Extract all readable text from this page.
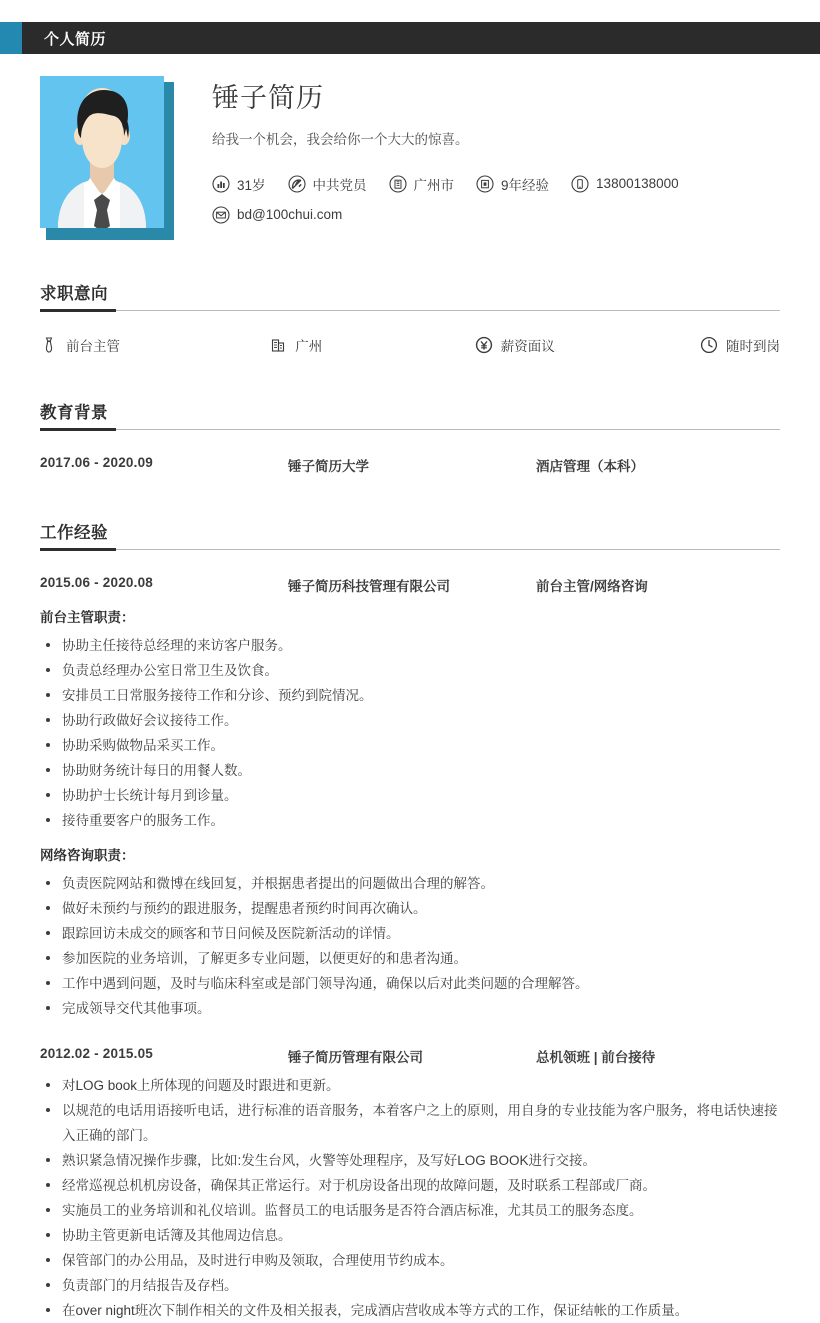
个人简历
锤子简历
给我一个机会，我会给你一个大大的惊喜。
31岁	中共党员	广州市	9年经验	13800138000
bd@100chui.com
求职意向
前台主管	广州	薪资面议	随时到岗
教育背景
2017.06 - 2020.09	锤子简历大学	酒店管理（本科）
工作经验
2015.06 - 2020.08	锤子简历科技管理有限公司	前台主管/网络咨询
前台主管职责：
协助主任接待总经理的来访客户服务。
负责总经理办公室日常卫生及饮食。
安排员工日常服务接待工作和分诊、预约到院情况。
协助行政做好会议接待工作。
协助采购做物品采买工作。
协助财务统计每日的用餐人数。
协助护士长统计每月到诊量。
接待重要客户的服务工作。
网络咨询职责：
负责医院网站和微博在线回复，并根据患者提出的问题做出合理的解答。
做好未预约与预约的跟进服务，提醒患者预约时间再次确认。
跟踪回访未成交的顾客和节日问候及医院新活动的详情。
参加医院的业务培训，了解更多专业问题，以便更好的和患者沟通。
工作中遇到问题，及时与临床科室或是部门领导沟通，确保以后对此类问题的合理解答。
完成领导交代其他事项。
2012.02 - 2015.05	锤子简历管理有限公司	总机领班 | 前台接待
对LOG book上所体现的问题及时跟进和更新。
以规范的电话用语接听电话，进行标准的语音服务，本着客户之上的原则，用自身的专业技能为客户服务，将电话快速接入正确的部门。
熟识紧急情况操作步骤，比如:发生台风，火警等处理程序，及写好LOG BOOK进行交接。
经常巡视总机机房设备，确保其正常运行。对于机房设备出现的故障问题，及时联系工程部或厂商。
实施员工的业务培训和礼仪培训。监督员工的电话服务是否符合酒店标准，尤其员工的服务态度。
协助主管更新电话簿及其他周边信息。
保管部门的办公用品，及时进行申购及领取，合理使用节约成本。
负责部门的月结报告及存档。
在over night班次下制作相关的文件及相关报表，完成酒店营收成本等方式的工作，保证结帐的工作质量。
